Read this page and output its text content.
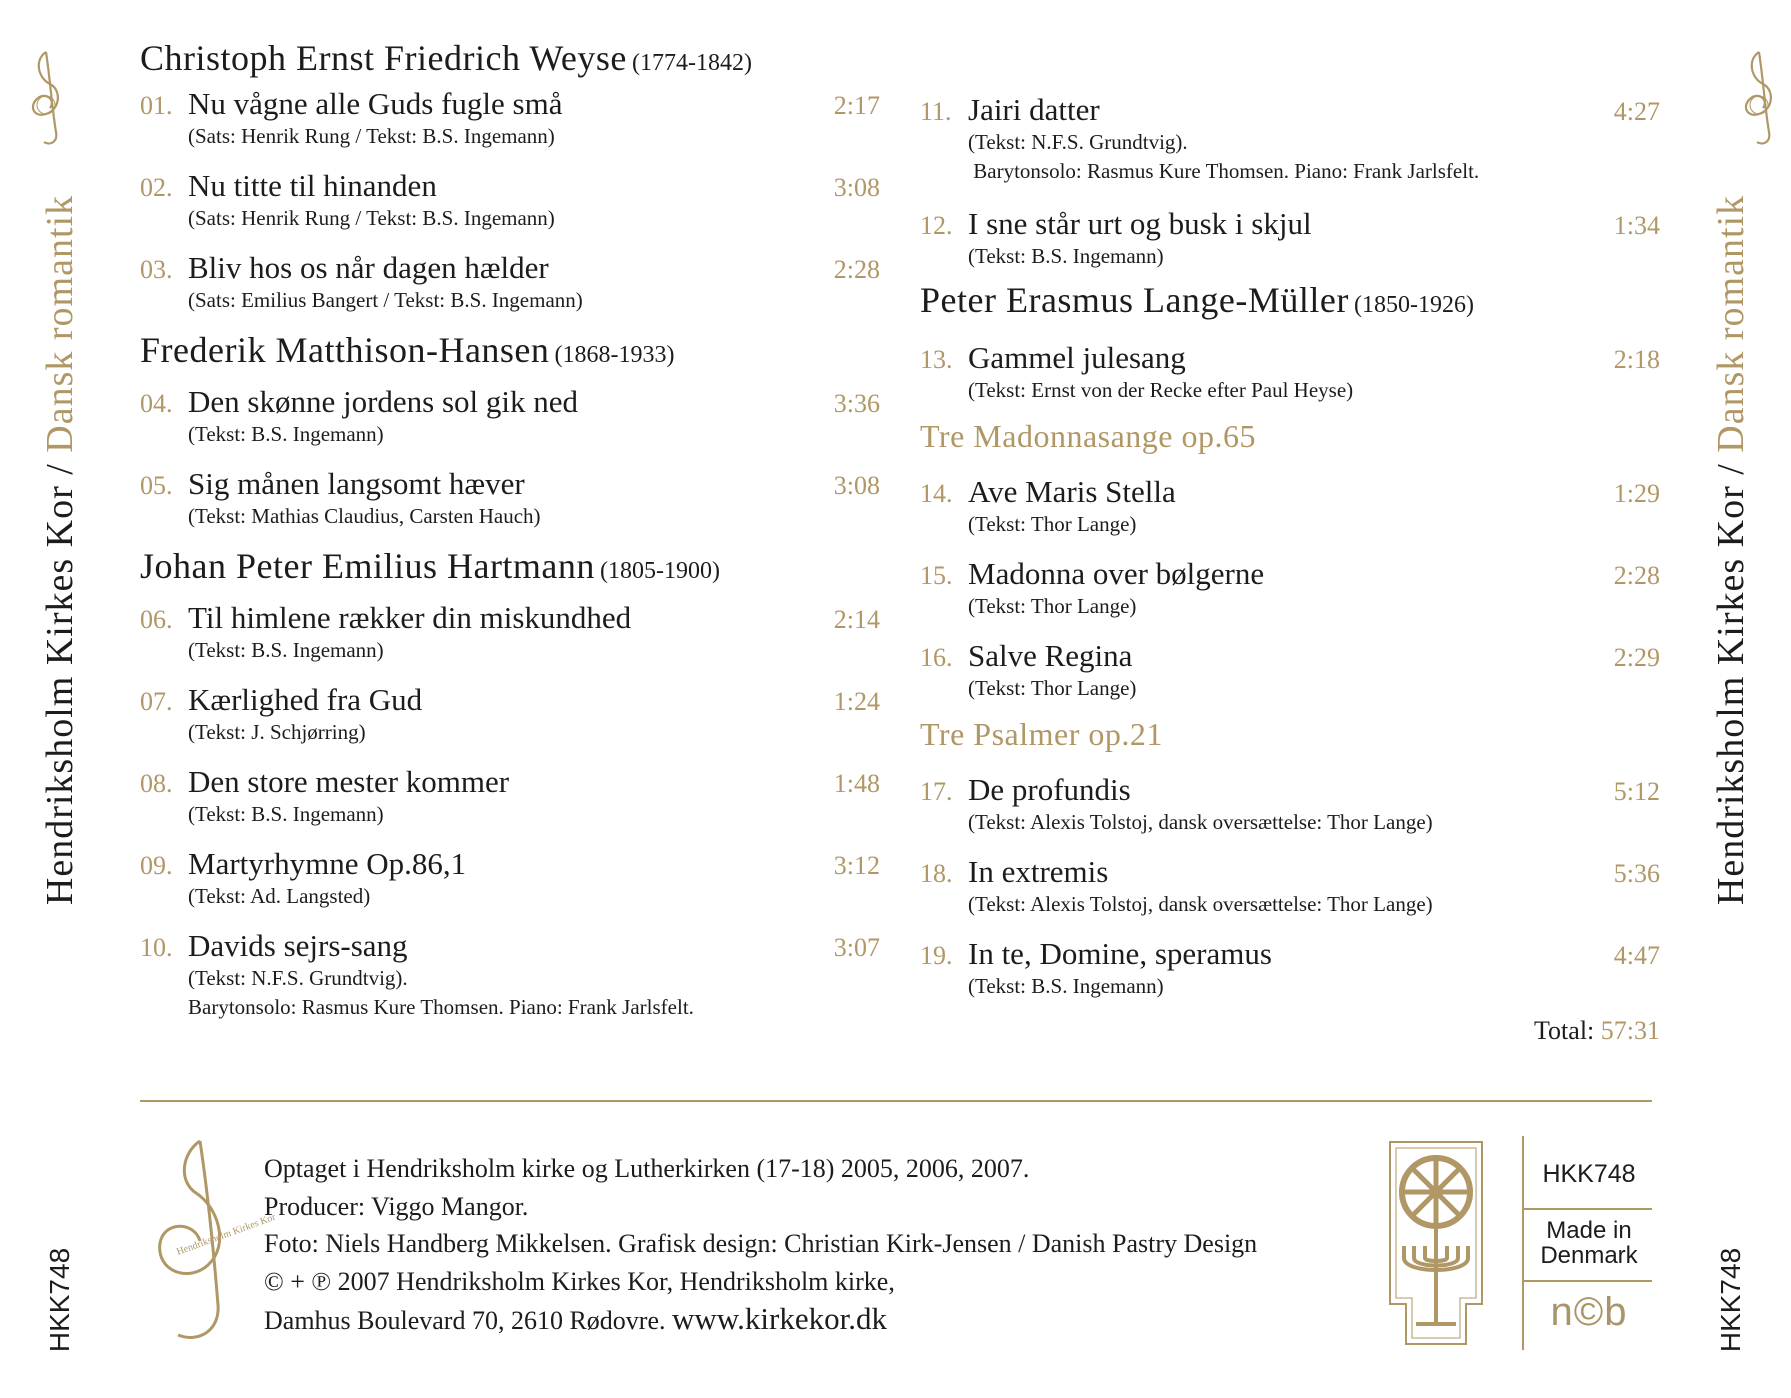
Hendriksholm Kirkes Kor / Dansk romantik
HKK748
Hendriksholm Kirkes Kor / Dansk romantik
HKK748
Christoph Ernst Friedrich Weyse (1774-1842)
01. Nu vågne alle Guds fugle små	2:17
(Sats: Henrik Rung / Tekst: B.S. Ingemann)
02. Nu titte til hinanden	3:08
(Sats: Henrik Rung / Tekst: B.S. Ingemann)
03. Bliv hos os når dagen hælder	2:28
(Sats: Emilius Bangert / Tekst: B.S. Ingemann)
Frederik Matthison-Hansen (1868-1933)
04. Den skønne jordens sol gik ned	3:36
(Tekst: B.S. Ingemann)
05. Sig månen langsomt hæver	3:08
(Tekst: Mathias Claudius, Carsten Hauch)
Johan Peter Emilius Hartmann (1805-1900)
06. Til himlene rækker din miskundhed	2:14
(Tekst: B.S. Ingemann)
07. Kærlighed fra Gud	1:24
(Tekst: J. Schjørring)
08. Den store mester kommer	1:48
(Tekst: B.S. Ingemann)
09. Martyrhymne Op.86,1	3:12
(Tekst: Ad. Langsted)
10. Davids sejrs-sang	3:07
(Tekst: N.F.S. Grundtvig).
Barytonsolo: Rasmus Kure Thomsen. Piano: Frank Jarlsfelt.
11. Jairi datter	4:27
(Tekst: N.F.S. Grundtvig).
Barytonsolo: Rasmus Kure Thomsen. Piano: Frank Jarlsfelt.
12. I sne står urt og busk i skjul	1:34
(Tekst: B.S. Ingemann)
Peter Erasmus Lange-Müller (1850-1926)
13. Gammel julesang	2:18
(Tekst: Ernst von der Recke efter Paul Heyse)
Tre Madonnasange op.65
14. Ave Maris Stella	1:29
(Tekst: Thor Lange)
15. Madonna over bølgerne	2:28
(Tekst: Thor Lange)
16. Salve Regina	2:29
(Tekst: Thor Lange)
Tre Psalmer op.21
17. De profundis	5:12
(Tekst: Alexis Tolstoj, dansk oversættelse: Thor Lange)
18. In extremis	5:36
(Tekst: Alexis Tolstoj, dansk oversættelse: Thor Lange)
19. In te, Domine, speramus	4:47
(Tekst: B.S. Ingemann)
Total: 57:31
Hendriksholm Kirkes Kor
Optaget i Hendriksholm kirke og Lutherkirken (17-18) 2005, 2006, 2007.
Producer: Viggo Mangor.
Foto: Niels Handberg Mikkelsen. Grafisk design: Christian Kirk-Jensen / Danish Pastry Design
© + ℗ 2007 Hendriksholm Kirkes Kor, Hendriksholm kirke,
Damhus Boulevard 70, 2610 Rødovre. www.kirkekor.dk
HKK748
Made in
Denmark
n©b
